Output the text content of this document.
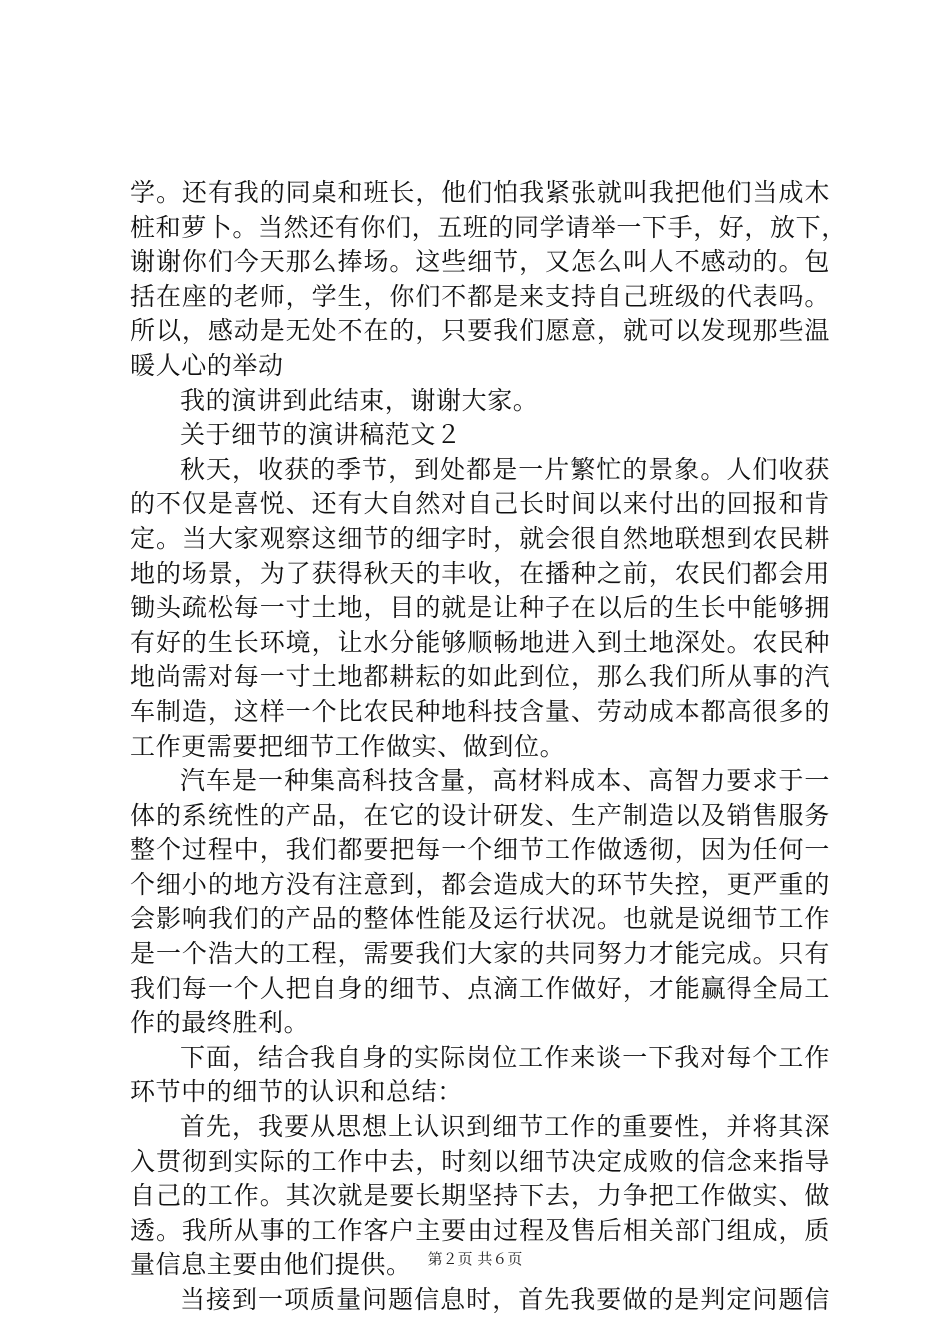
学。还有我的同桌和班长，他们怕我紧张就叫我把他们当成木
桩和萝卜。当然还有你们，五班的同学请举一下手，好，放下，
谢谢你们今天那么捧场。这些细节，又怎么叫人不感动的。包
括在座的老师，学生，你们不都是来支持自己班级的代表吗。
所以，感动是无处不在的，只要我们愿意，就可以发现那些温
暖人心的举动
我的演讲到此结束，谢谢大家。
关于细节的演讲稿范文２
秋天，收获的季节，到处都是一片繁忙的景象。人们收获
的不仅是喜悦、还有大自然对自己长时间以来付出的回报和肯
定。当大家观察这细节的细字时，就会很自然地联想到农民耕
地的场景，为了获得秋天的丰收，在播种之前，农民们都会用
锄头疏松每一寸土地，目的就是让种子在以后的生长中能够拥
有好的生长环境，让水分能够顺畅地进入到土地深处。农民种
地尚需对每一寸土地都耕耘的如此到位，那么我们所从事的汽
车制造，这样一个比农民种地科技含量、劳动成本都高很多的
工作更需要把细节工作做实、做到位。
汽车是一种集高科技含量，高材料成本、高智力要求于一
体的系统性的产品，在它的设计研发、生产制造以及销售服务
整个过程中，我们都要把每一个细节工作做透彻，因为任何一
个细小的地方没有注意到，都会造成大的环节失控，更严重的
会影响我们的产品的整体性能及运行状况。也就是说细节工作
是一个浩大的工程，需要我们大家的共同努力才能完成。只有
我们每一个人把自身的细节、点滴工作做好，才能赢得全局工
作的最终胜利。
下面，结合我自身的实际岗位工作来谈一下我对每个工作
环节中的细节的认识和总结：
首先，我要从思想上认识到细节工作的重要性，并将其深
入贯彻到实际的工作中去，时刻以细节决定成败的信念来指导
自己的工作。其次就是要长期坚持下去，力争把工作做实、做
透。我所从事的工作客户主要由过程及售后相关部门组成，质
量信息主要由他们提供。
当接到一项质量问题信息时，首先我要做的是判定问题信
第２页 共６页
